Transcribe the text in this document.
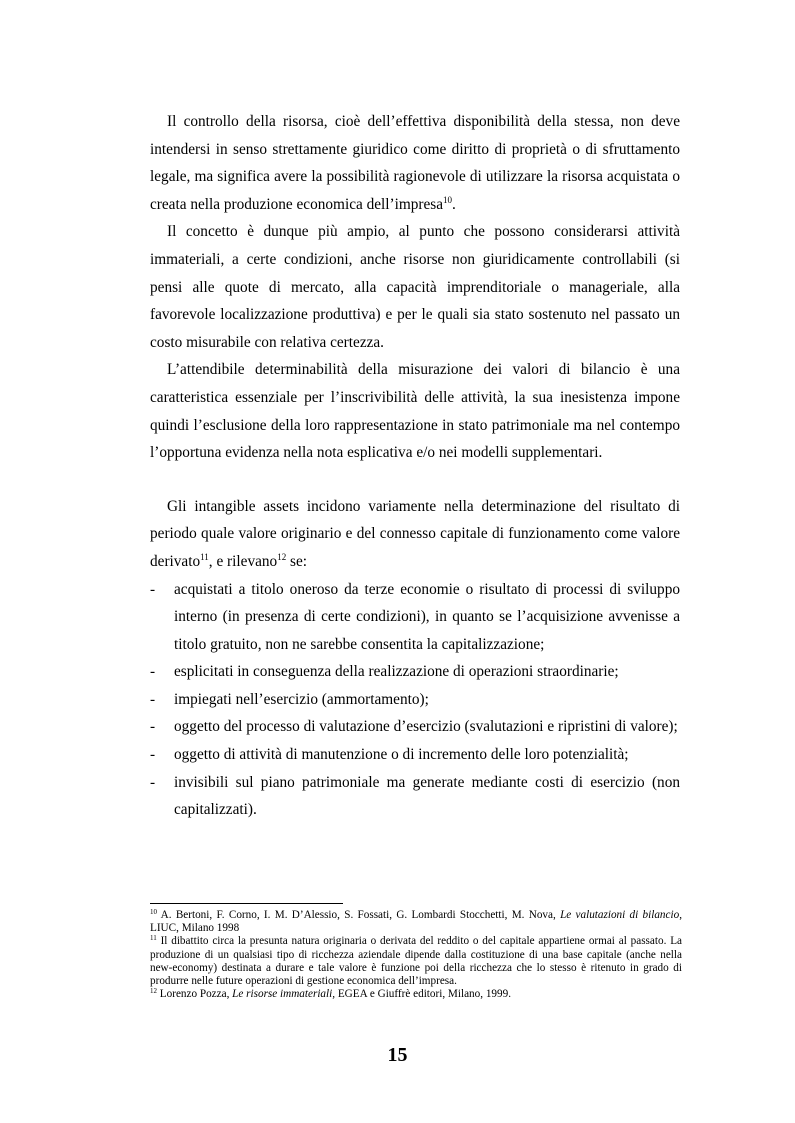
Il controllo della risorsa, cioè dell’effettiva disponibilità della stessa, non deve intendersi in senso strettamente giuridico come diritto di proprietà o di sfruttamento legale, ma significa avere la possibilità ragionevole di utilizzare la risorsa acquistata o creata nella produzione economica dell’impresa$^{10}$.

Il concetto è dunque più ampio, al punto che possono considerarsi attività immateriali, a certe condizioni, anche risorse non giuridicamente controllabili (si pensi alle quote di mercato, alla capacità imprenditoriale o manageriale, alla favorevole localizzazione produttiva) e per le quali sia stato sostenuto nel passato un costo misurabile con relativa certezza.

L’attendibile determinabilità della misurazione dei valori di bilancio è una caratteristica essenziale per l’inscrivibilità delle attività, la sua inesistenza impone quindi l’esclusione della loro rappresentazione in stato patrimoniale ma nel contempo l’opportuna evidenza nella nota esplicativa e/o nei modelli supplementari.

Gli intangible assets incidono variamente nella determinazione del risultato di periodo quale valore originario e del connesso capitale di funzionamento come valore derivato$^{11}$, e rilevano$^{12}$ se:

- acquistati a titolo oneroso da terze economie o risultato di processi di sviluppo interno (in presenza di certe condizioni), in quanto se l’acquisizione avvenisse a titolo gratuito, non ne sarebbe consentita la capitalizzazione;
- esplicitati in conseguenza della realizzazione di operazioni straordinarie;
- impiegati nell’esercizio (ammortamento);
- oggetto del processo di valutazione d’esercizio (svalutazioni e ripristini di valore);
- oggetto di attività di manutenzione o di incremento delle loro potenzialità;
- invisibili sul piano patrimoniale ma generate mediante costi di esercizio (non capitalizzati).

$^{10}$ A. Bertoni, F. Corno, I. M. D’Alessio, S. Fossati, G. Lombardi Stocchetti, M. Nova, Le valutazioni di bilancio, LIUC, Milano 1998

$^{11}$ Il dibattito circa la presunta natura originaria o derivata del reddito o del capitale appartiene ormai al passato. La produzione di un qualsiasi tipo di ricchezza aziendale dipende dalla costituzione di una base capitale (anche nella new-economy) destinata a durare e tale valore è funzione poi della ricchezza che lo stesso è ritenuto in grado di produrre nelle future operazioni di gestione economica dell’impresa.

$^{12}$ Lorenzo Pozza, Le risorse immateriali, EGEA e Giuffrè editori, Milano, 1999.

15
